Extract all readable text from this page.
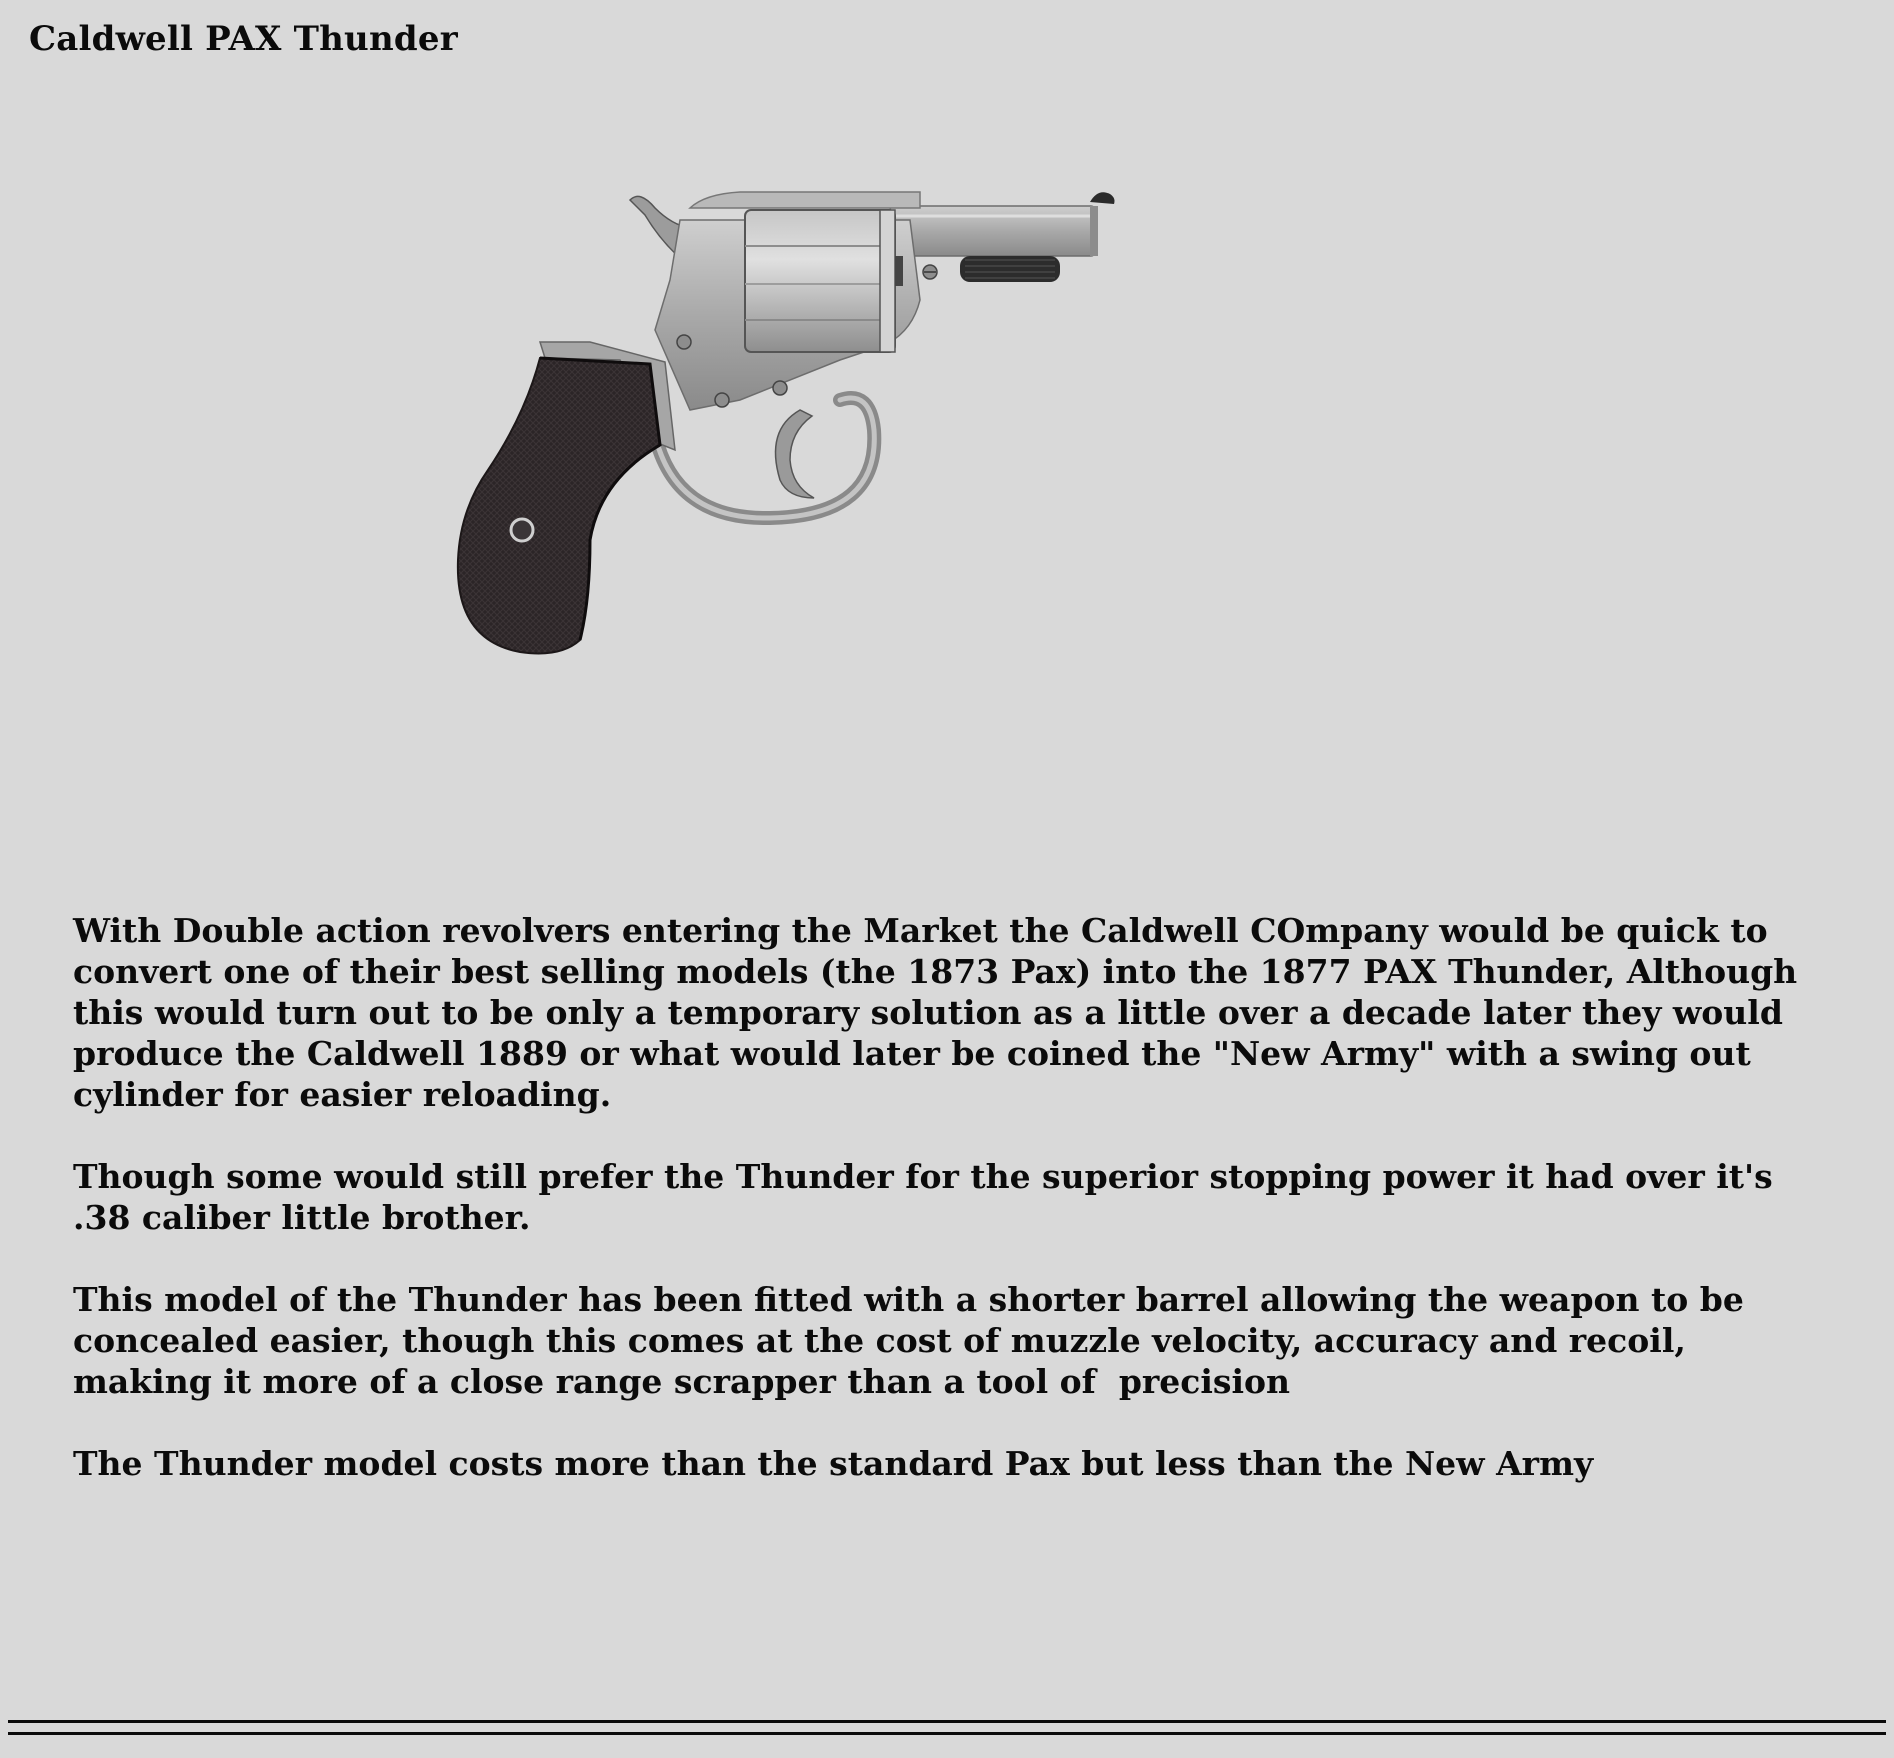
Caldwell PAX Thunder

With Double action revolvers entering the Market the Caldwell COmpany would be quick to convert one of their best selling models (the 1873 Pax) into the 1877 PAX Thunder, Although this would turn out to be only a temporary solution as a little over a decade later they would produce the Caldwell 1889 or what would later be coined the "New Army" with a swing out cylinder for easier reloading.

Though some would still prefer the Thunder for the superior stopping power it had over it's .38 caliber little brother.

This model of the Thunder has been fitted with a shorter barrel allowing the weapon to be concealed easier, though this comes at the cost of muzzle velocity, accuracy and recoil, making it more of a close range scrapper than a tool of  precision

The Thunder model costs more than the standard Pax but less than the New Army
